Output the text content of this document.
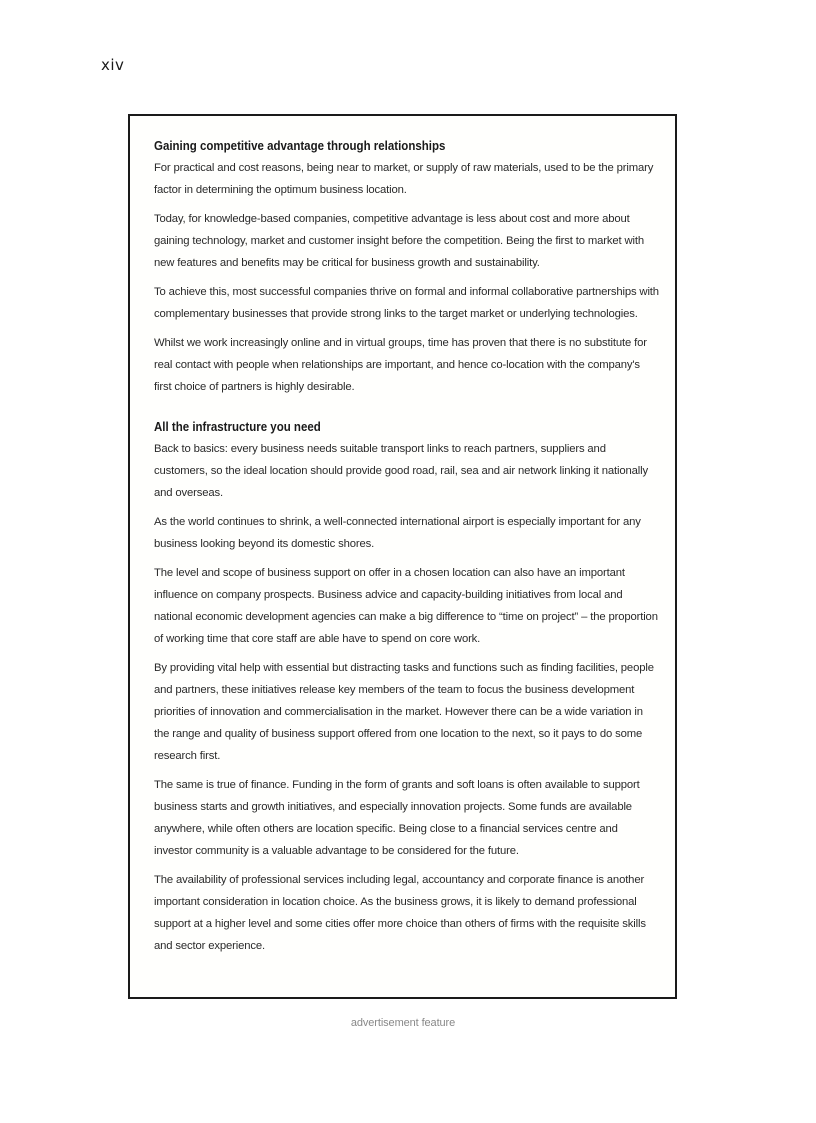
xiv
Gaining competitive advantage through relationships

For practical and cost reasons, being near to market, or supply of raw materials, used to be the primary factor in determining the optimum business location.

Today, for knowledge-based companies, competitive advantage is less about cost and more about gaining technology, market and customer insight before the competition. Being the first to market with new features and benefits may be critical for business growth and sustainability.

To achieve this, most successful companies thrive on formal and informal collaborative partnerships with complementary businesses that provide strong links to the target market or underlying technologies.

Whilst we work increasingly online and in virtual groups, time has proven that there is no substitute for real contact with people when relationships are important, and hence co-location with the company's first choice of partners is highly desirable.

All the infrastructure you need

Back to basics: every business needs suitable transport links to reach partners, suppliers and customers, so the ideal location should provide good road, rail, sea and air network linking it nationally and overseas.

As the world continues to shrink, a well-connected international airport is especially important for any business looking beyond its domestic shores.

The level and scope of business support on offer in a chosen location can also have an important influence on company prospects. Business advice and capacity-building initiatives from local and national economic development agencies can make a big difference to “time on project” – the proportion of working time that core staff are able have to spend on core work.

By providing vital help with essential but distracting tasks and functions such as finding facilities, people and partners, these initiatives release key members of the team to focus the business development priorities of innovation and commercialisation in the market. However there can be a wide variation in the range and quality of business support offered from one location to the next, so it pays to do some research first.

The same is true of finance. Funding in the form of grants and soft loans is often available to support business starts and growth initiatives, and especially innovation projects. Some funds are available anywhere, while often others are location specific. Being close to a financial services centre and investor community is a valuable advantage to be considered for the future.

The availability of professional services including legal, accountancy and corporate finance is another important consideration in location choice. As the business grows, it is likely to demand professional support at a higher level and some cities offer more choice than others of firms with the requisite skills and sector experience.

advertisement feature
